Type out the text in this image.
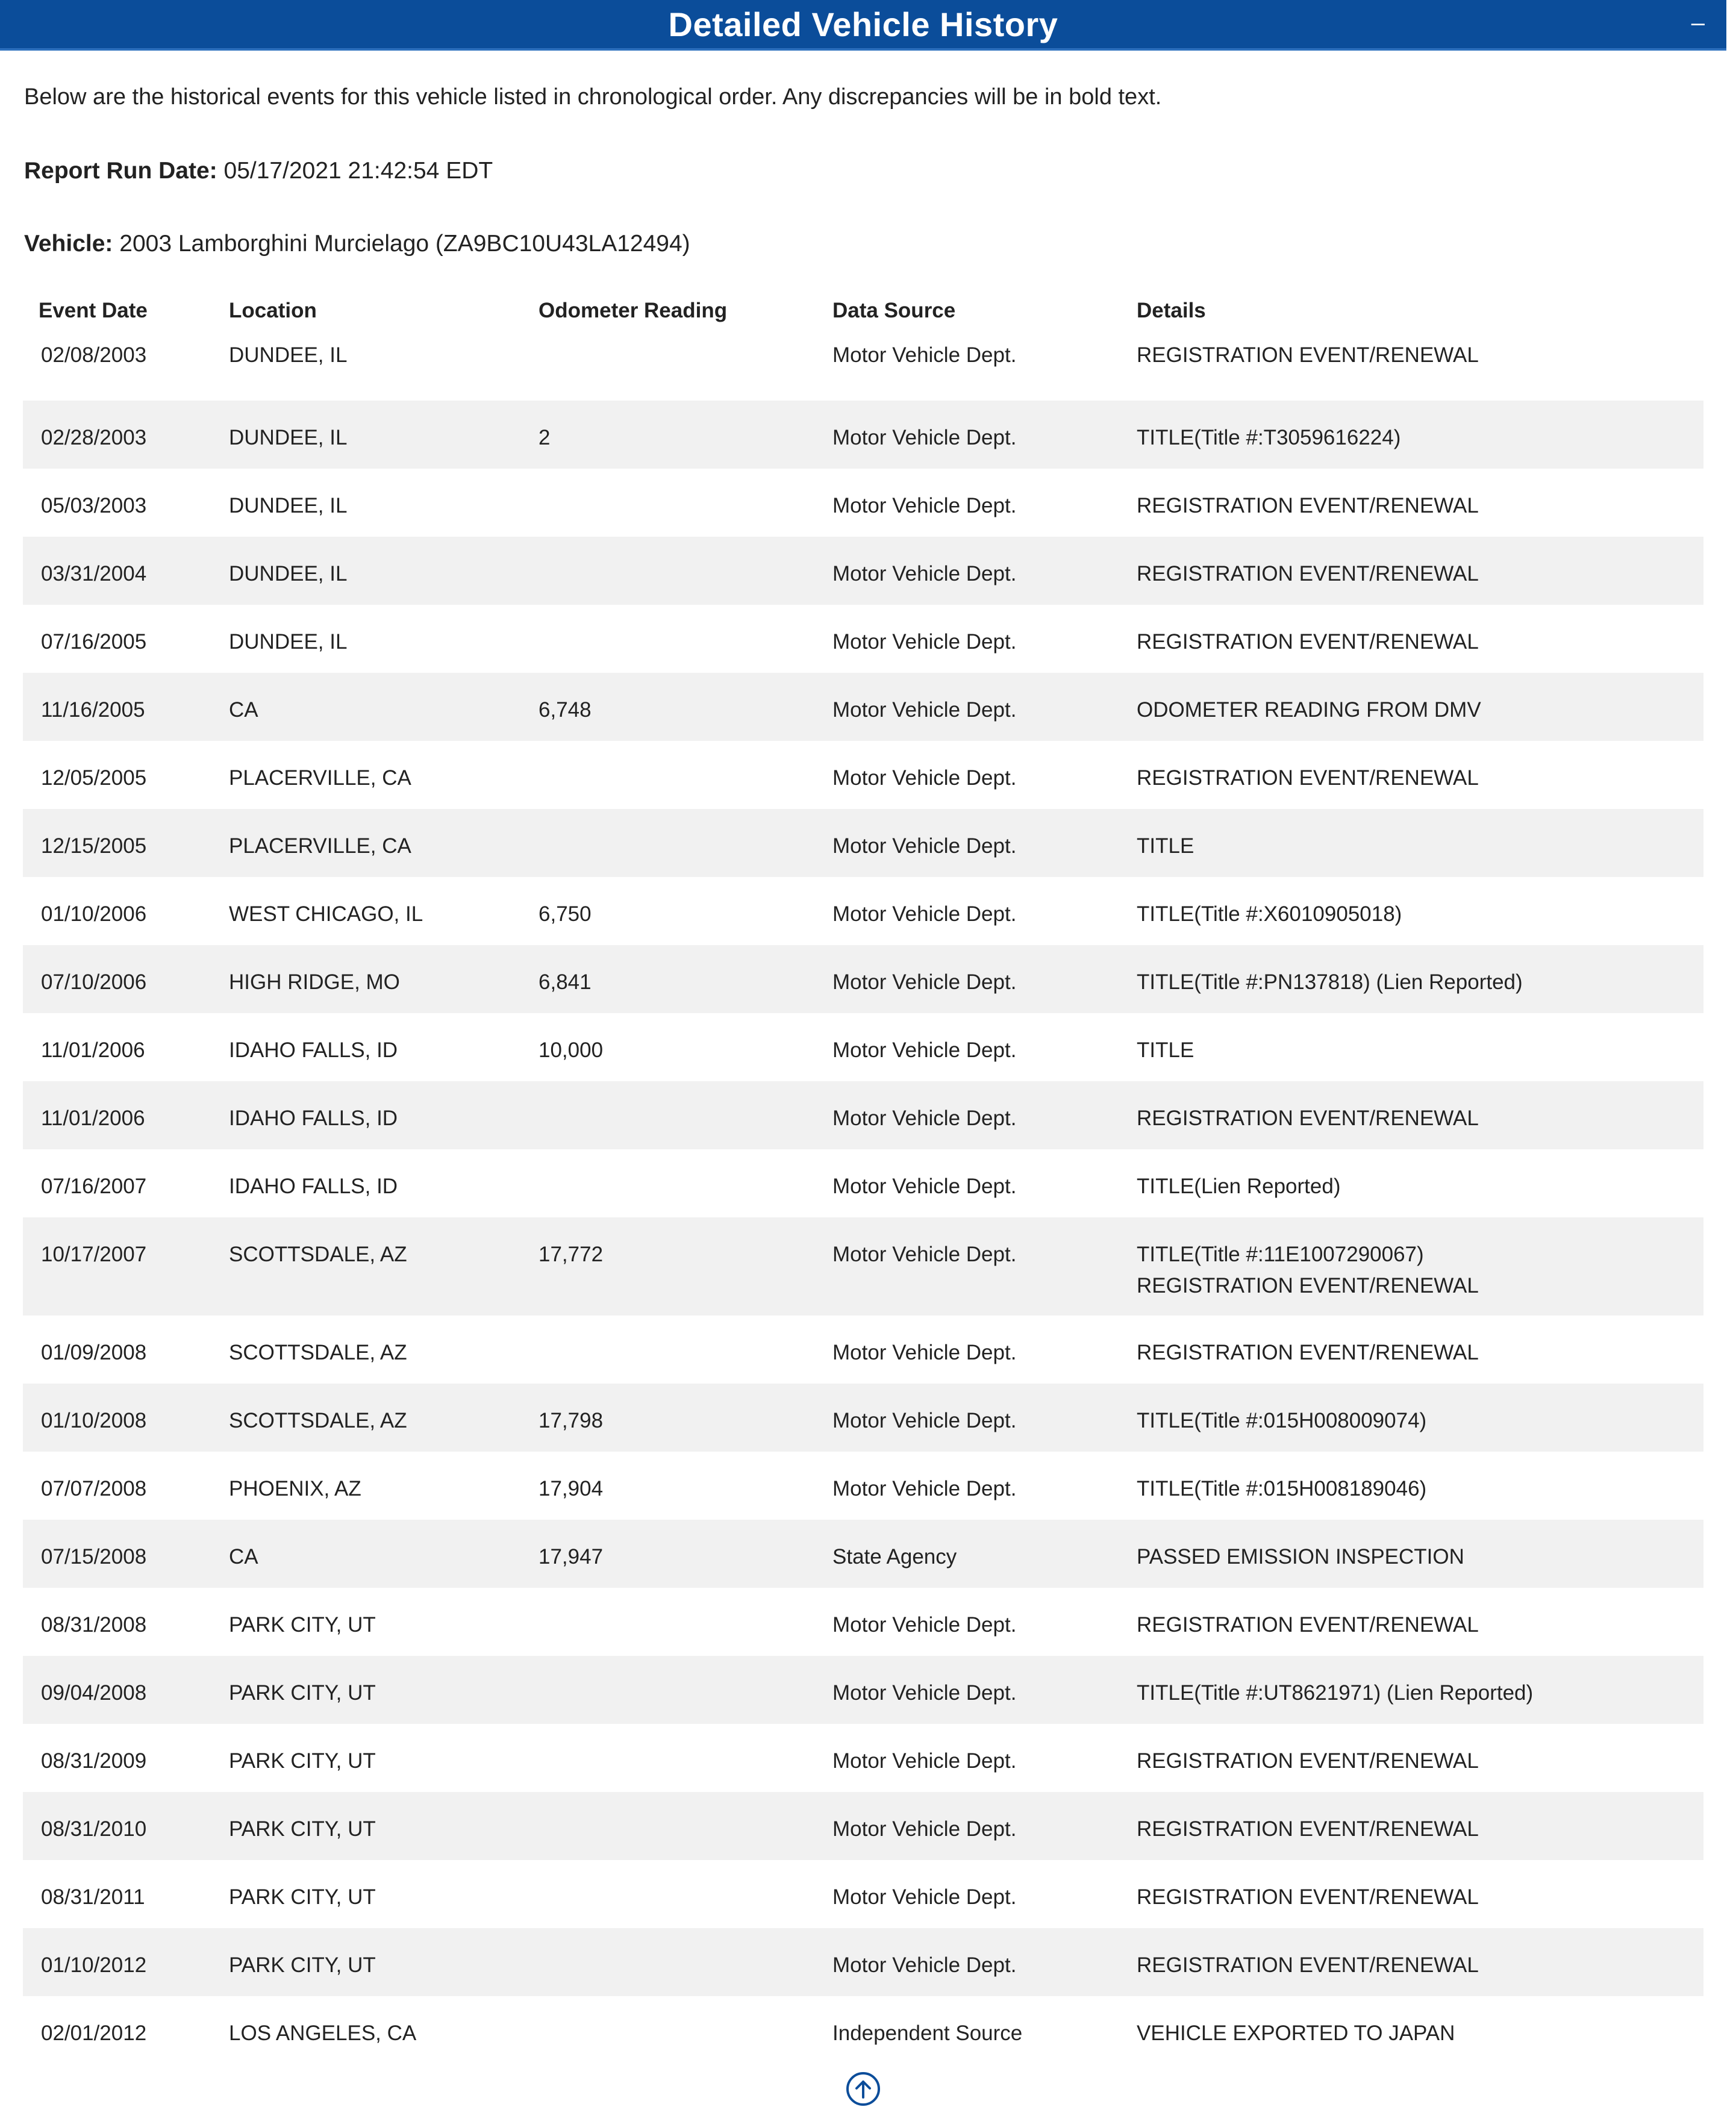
Detailed Vehicle History	–
Below are the historical events for this vehicle listed in chronological order. Any discrepancies will be in bold text.
Report Run Date: 05/17/2021 21:42:54 EDT
Vehicle: 2003 Lamborghini Murcielago (ZA9BC10U43LA12494)
Event Date	Location	Odometer Reading	Data Source	Details
02/08/2003	DUNDEE, IL		Motor Vehicle Dept.	REGISTRATION EVENT/RENEWAL
02/28/2003	DUNDEE, IL	2	Motor Vehicle Dept.	TITLE(Title #:T3059616224)
05/03/2003	DUNDEE, IL		Motor Vehicle Dept.	REGISTRATION EVENT/RENEWAL
03/31/2004	DUNDEE, IL		Motor Vehicle Dept.	REGISTRATION EVENT/RENEWAL
07/16/2005	DUNDEE, IL		Motor Vehicle Dept.	REGISTRATION EVENT/RENEWAL
11/16/2005	CA	6,748	Motor Vehicle Dept.	ODOMETER READING FROM DMV
12/05/2005	PLACERVILLE, CA		Motor Vehicle Dept.	REGISTRATION EVENT/RENEWAL
12/15/2005	PLACERVILLE, CA		Motor Vehicle Dept.	TITLE
01/10/2006	WEST CHICAGO, IL	6,750	Motor Vehicle Dept.	TITLE(Title #:X6010905018)
07/10/2006	HIGH RIDGE, MO	6,841	Motor Vehicle Dept.	TITLE(Title #:PN137818) (Lien Reported)
11/01/2006	IDAHO FALLS, ID	10,000	Motor Vehicle Dept.	TITLE
11/01/2006	IDAHO FALLS, ID		Motor Vehicle Dept.	REGISTRATION EVENT/RENEWAL
07/16/2007	IDAHO FALLS, ID		Motor Vehicle Dept.	TITLE(Lien Reported)
10/17/2007	SCOTTSDALE, AZ	17,772	Motor Vehicle Dept.	TITLE(Title #:11E1007290067)
REGISTRATION EVENT/RENEWAL

01/09/2008	SCOTTSDALE, AZ		Motor Vehicle Dept.	REGISTRATION EVENT/RENEWAL
01/10/2008	SCOTTSDALE, AZ	17,798	Motor Vehicle Dept.	TITLE(Title #:015H008009074)
07/07/2008	PHOENIX, AZ	17,904	Motor Vehicle Dept.	TITLE(Title #:015H008189046)
07/15/2008	CA	17,947	State Agency	PASSED EMISSION INSPECTION
08/31/2008	PARK CITY, UT		Motor Vehicle Dept.	REGISTRATION EVENT/RENEWAL
09/04/2008	PARK CITY, UT		Motor Vehicle Dept.	TITLE(Title #:UT8621971) (Lien Reported)
08/31/2009	PARK CITY, UT		Motor Vehicle Dept.	REGISTRATION EVENT/RENEWAL
08/31/2010	PARK CITY, UT		Motor Vehicle Dept.	REGISTRATION EVENT/RENEWAL
08/31/2011	PARK CITY, UT		Motor Vehicle Dept.	REGISTRATION EVENT/RENEWAL
01/10/2012	PARK CITY, UT		Motor Vehicle Dept.	REGISTRATION EVENT/RENEWAL
02/01/2012	LOS ANGELES, CA		Independent Source	VEHICLE EXPORTED TO JAPAN
